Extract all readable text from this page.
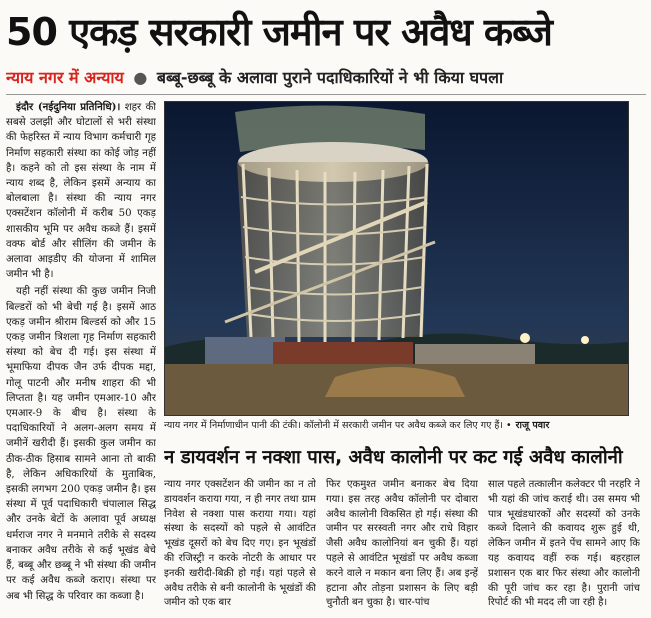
50 एकड़ सरकारी जमीन पर अवैध कब्जे
न्याय नगर में अन्याय ● बब्बू-छब्बू के अलावा पुराने पदाधिकारियों ने भी किया घपला

इंदौर (नईदुनिया प्रतिनिधि)। शहर की सबसे उलझी और घोटालों से भरी संस्था की फेहरिस्त में न्याय विभाग कर्मचारी गृह निर्माण सहकारी संस्था का कोई जोड़ नहीं है। कहने को तो इस संस्था के नाम में न्याय शब्द है, लेकिन इसमें अन्याय का बोलबाला है। संस्था की न्याय नगर एक्सटेंशन कॉलोनी में करीब 50 एकड़ शासकीय भूमि पर अवैध कब्जे हैं। इसमें वक्फ बोर्ड और सीलिंग की जमीन के अलावा आइडीए की योजना में शामिल जमीन भी है।

यही नहीं संस्था की कुछ जमीन निजी बिल्डरों को भी बेची गई है। इसमें आठ एकड़ जमीन श्रीराम बिल्डर्स को और 15 एकड़ जमीन त्रिशला गृह निर्माण सहकारी संस्था को बेच दी गई। इस संस्था में भूमाफिया दीपक जैन उर्फ दीपक मद्दा, गोलू पाटनी और मनीष शाहरा की भी लिप्तता है। यह जमीन एमआर-10 और एमआर-9 के बीच है। संस्था के पदाधिकारियों ने अलग-अलग समय में जमीनें खरीदी हैं। इसकी कुल जमीन का ठीक-ठीक हिसाब सामने आना तो बाकी है, लेकिन अधिकारियों के मुताबिक, इसकी लगभग 200 एकड़ जमीन है। इस संस्था में पूर्व पदाधिकारी चंपालाल सिद्ध और उनके बेटों के अलावा पूर्व अध्यक्ष धर्मराज नगर ने मनमाने तरीके से सदस्य बनाकर अवैध तरीके से कई भूखंड बेचे हैं, बब्बू और छब्बू ने भी संस्था की जमीन पर कई अवैध कब्जे कराए। संस्था पर अब भी सिद्ध के परिवार का कब्जा है।

न्याय नगर में निर्माणाधीन पानी की टंकी। कॉलोनी में सरकारी जमीन पर अवैध कब्जे कर लिए गए हैं। • राजू पवार
न डायवर्शन न नक्शा पास, अवैध कालोनी पर कट गई अवैध कालोनी

न्याय नगर एक्सटेंशन की जमीन का न तो डायवर्शन कराया गया, न ही नगर तथा ग्राम निवेश से नक्शा पास कराया गया। यहां संस्था के सदस्यों को पहले से आवंटित भूखंड दूसरों को बेच दिए गए। इन भूखंडों की रजिस्ट्री न करके नोटरी के आधार पर इनकी खरीदी-बिक्री हो गई। यहां पहले से अवैध तरीके से बनी कालोनी के भूखंडों की जमीन को एक बार

फिर एकमुश्त जमीन बनाकर बेच दिया गया। इस तरह अवैध कॉलोनी पर दोबारा अवैध कालोनी विकसित हो गई। संस्था की जमीन पर सरस्वती नगर और राधे विहार जैसी अवैध कालोनियां बन चुकी हैं। यहां पहले से आवंटित भूखंडों पर अवैध कब्जा करने वाले न मकान बना लिए हैं। अब इन्हें हटाना और तोड़ना प्रशासन के लिए बड़ी चुनौती बन चुका है। चार-पांच

साल पहले तत्कालीन कलेक्टर पी नरहरि ने भी यहां की जांच कराई थी। उस समय भी पात्र भूखंडधारकों और सदस्यों को उनके कब्जे दिलाने की कवायद शुरू हुई थी, लेकिन जमीन में इतने पेंच सामने आए कि यह कवायद वहीं रुक गई। बहरहाल प्रशासन एक बार फिर संस्था और कालोनी की पूरी जांच कर रहा है। पुरानी जांच रिपोर्ट की भी मदद ली जा रही है।
